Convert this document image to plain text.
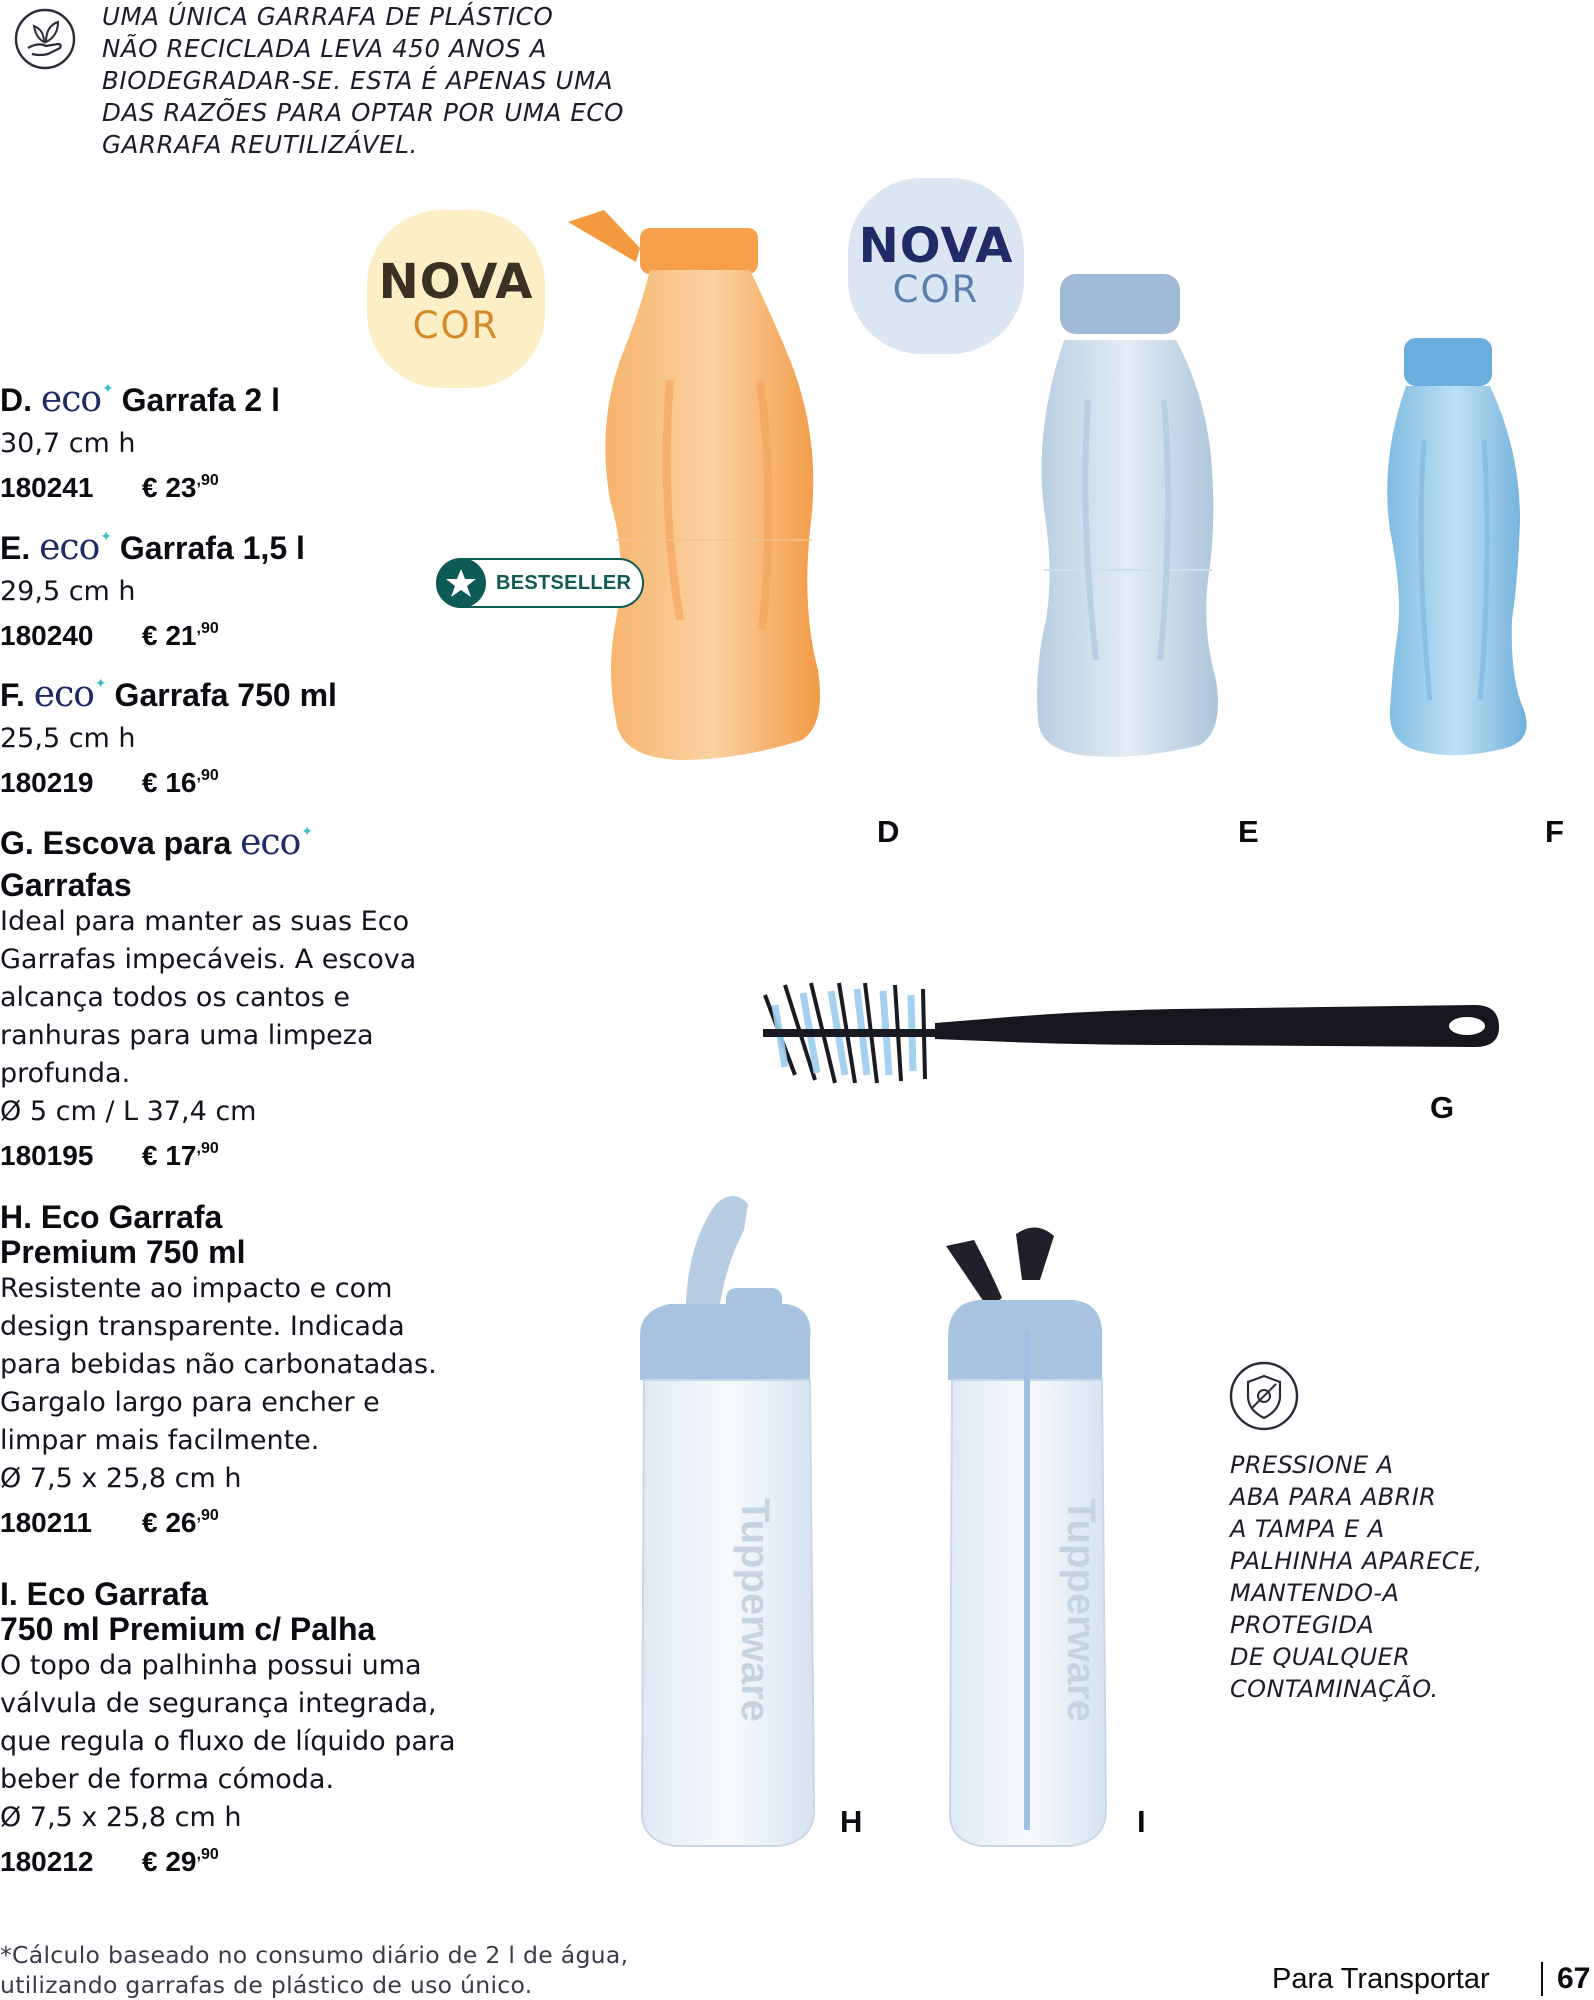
UMA ÚNICA GARRAFA DE PLÁSTICO
NÃO RECICLADA LEVA 450 ANOS A
BIODEGRADAR-SE. ESTA É APENAS UMA
DAS RAZÕES PARA OPTAR POR UMA ECO
GARRAFA REUTILIZÁVEL.
NOVA
COR
NOVA
COR
BESTSELLER
Tupperware	Tupperware
D	E	F
G
H	I
D. eco✦ Garrafa 2 l
30,7 cm h
180241 € $23^{,90}$
E. eco✦ Garrafa 1,5 l
29,5 cm h
180240 € $21^{,90}$
F. eco✦ Garrafa 750 ml
25,5 cm h
180219 € $16^{,90}$
G. Escova para eco✦
Garrafas
Ideal para manter as suas Eco
Garrafas impecáveis. A escova
alcança todos os cantos e
ranhuras para uma limpeza
profunda.
Ø 5 cm / L 37,4 cm
180195 € $17^{,90}$
H. Eco Garrafa
Premium 750 ml
Resistente ao impacto e com
design transparente. Indicada
para bebidas não carbonatadas.
Gargalo largo para encher e
limpar mais facilmente.
Ø 7,5 x 25,8 cm h
180211 € $26^{,90}$
I. Eco Garrafa
750 ml Premium c/ Palha
O topo da palhinha possui uma
válvula de segurança integrada,
que regula o fluxo de líquido para
beber de forma cómoda.
Ø 7,5 x 25,8 cm h
180212 € $29^{,90}$
PRESSIONE A
ABA PARA ABRIR
A TAMPA E A
PALHINHA APARECE,
MANTENDO-A
PROTEGIDA
DE QUALQUER
CONTAMINAÇÃO.
*Cálculo baseado no consumo diário de 2 l de água,
utilizando garrafas de plástico de uso único.	Para Transportar 67
